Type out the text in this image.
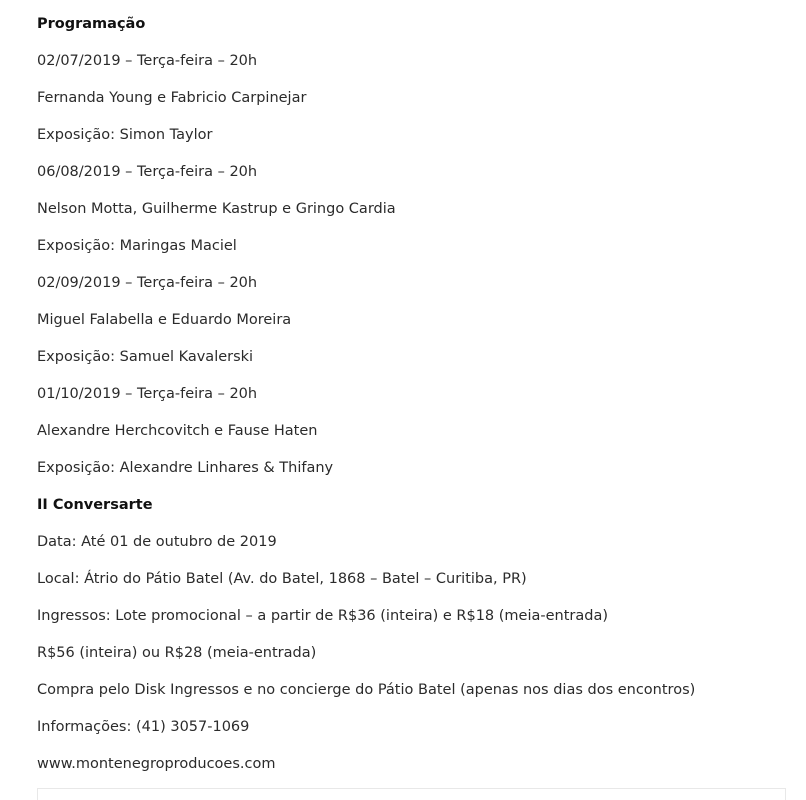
Programação
02/07/2019 – Terça-feira – 20h
Fernanda Young e Fabricio Carpinejar
Exposição: Simon Taylor
06/08/2019 – Terça-feira – 20h
Nelson Motta, Guilherme Kastrup e Gringo Cardia
Exposição: Maringas Maciel
02/09/2019 – Terça-feira – 20h
Miguel Falabella e Eduardo Moreira
Exposição: Samuel Kavalerski
01/10/2019 – Terça-feira – 20h
Alexandre Herchcovitch e Fause Haten
Exposição: Alexandre Linhares & Thifany
II Conversarte
Data: Até 01 de outubro de 2019
Local: Átrio do Pátio Batel (Av. do Batel, 1868 – Batel – Curitiba, PR)
Ingressos: Lote promocional – a partir de R$36 (inteira) e R$18 (meia-entrada)
R$56 (inteira) ou R$28 (meia-entrada)
Compra pelo Disk Ingressos e no concierge do Pátio Batel (apenas nos dias dos encontros)
Informações: (41) 3057-1069
www.montenegroproducoes.com
